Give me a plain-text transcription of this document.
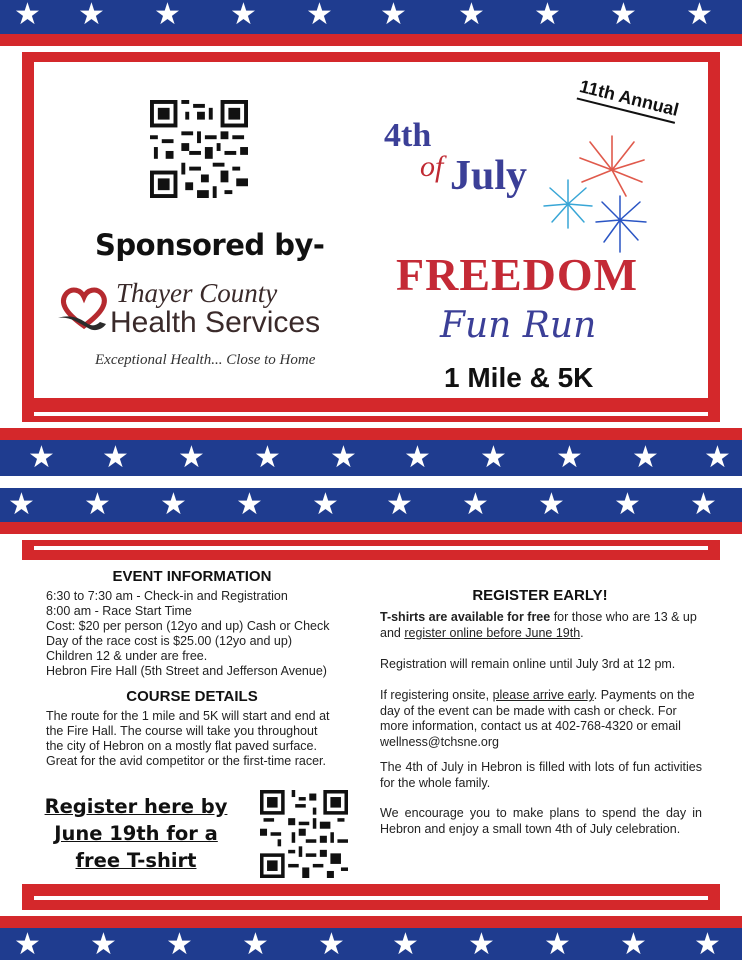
★ ★ ★ ★ ★ ★ ★ ★ ★ ★
Sponsored by-
Thayer County
Health Services
Exceptional Health... Close to Home
11th Annual
4th
of July
FREEDOM
Fun Run
1 Mile & 5K
★ ★ ★ ★ ★ ★ ★ ★ ★ ★
★ ★ ★ ★ ★ ★ ★ ★ ★ ★
EVENT INFORMATION
6:30 to 7:30 am - Check-in and Registration
8:00 am - Race Start Time
Cost: $20 per person (12yo and up) Cash or Check
Day of the race cost is $25.00 (12yo and up)
Children 12 & under are free.
Hebron Fire Hall (5th Street and Jefferson Avenue)
COURSE DETAILS
The route for the 1 mile and 5K will start and end at
the Fire Hall. The course will take you throughout
the city of Hebron on a mostly flat paved surface.
Great for the avid competitor or the first-time racer.
Register here by
June 19th for a
free T-shirt
REGISTER EARLY!
T-shirts are available for free for those who are 13 & up and register online before June 19th.
Registration will remain online until July 3rd at 12 pm.
If registering onsite, please arrive early. Payments on the day of the event can be made with cash or check. For more information, contact us at 402-768-4320 or email wellness@tchsne.org
The 4th of July in Hebron is filled with lots of fun activities for the whole family.
We encourage you to make plans to spend the day in Hebron and enjoy a small town 4th of July celebration.
★ ★ ★ ★ ★ ★ ★ ★ ★ ★
